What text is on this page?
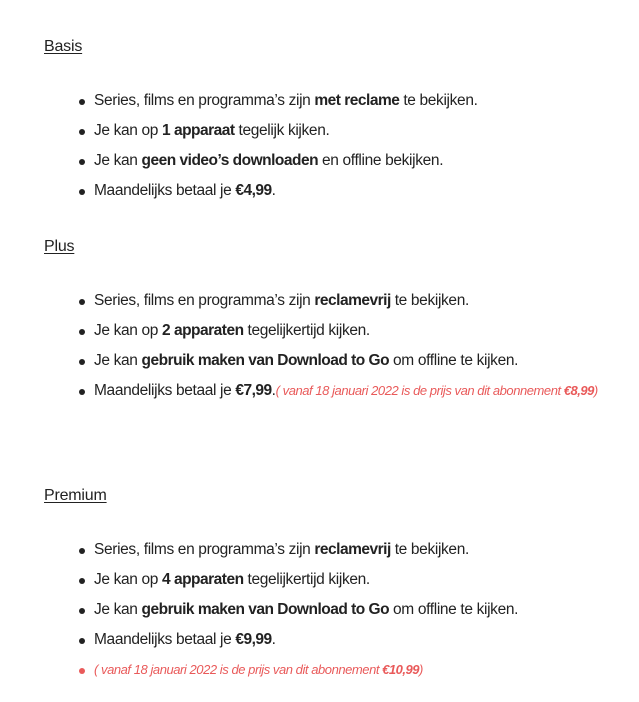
Basis
Series, films en programma’s zijn met reclame te bekijken.
Je kan op 1 apparaat tegelijk kijken.
Je kan geen video’s downloaden en offline bekijken.
Maandelijks betaal je €4,99.
Plus
Series, films en programma’s zijn reclamevrij te bekijken.
Je kan op 2 apparaten tegelijkertijd kijken.
Je kan gebruik maken van Download to Go om offline te kijken.
Maandelijks betaal je €7,99.( vanaf 18 januari 2022 is de prijs van dit abonnement €8,99)
Premium
Series, films en programma’s zijn reclamevrij te bekijken.
Je kan op 4 apparaten tegelijkertijd kijken.
Je kan gebruik maken van Download to Go om offline te kijken.
Maandelijks betaal je €9,99.
( vanaf 18 januari 2022 is de prijs van dit abonnement €10,99)
